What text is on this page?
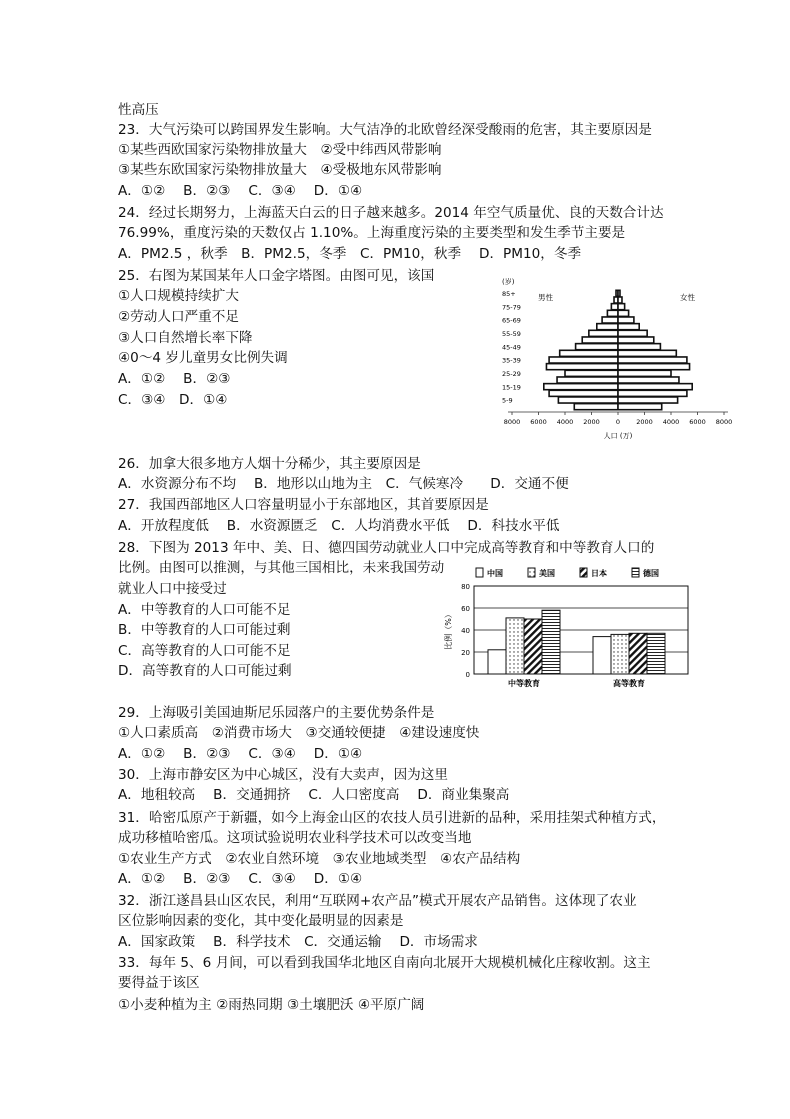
性高压
23．大气污染可以跨国界发生影响。大气洁净的北欧曾经深受酸雨的危害，其主要原因是
①某些西欧国家污染物排放量大　②受中纬西风带影响
③某些东欧国家污染物排放量大　④受极地东风带影响
A．①②　 B．②③　 C．③④　 D．①④
24．经过长期努力，上海蓝天白云的日子越来越多。2014 年空气质量优、良的天数合计达
76.99%，重度污染的天数仅占 1.10%。上海重度污染的主要类型和发生季节主要是
A．PM2.5 ，秋季　B．PM2.5，冬季　C．PM10，秋季　 D．PM10，冬季
25．右图为某国某年人口金字塔图。由图可见，该国
①人口规模持续扩大
②劳动人口严重不足
③人口自然增长率下降
④0～4 岁儿童男女比例失调
A．①②　 B．②③
C．③④　D．①④
26．加拿大很多地方人烟十分稀少，其主要原因是
A．水资源分布不均　 B．地形以山地为主　C．气候寒冷　　D．交通不便
27．我国西部地区人口容量明显小于东部地区，其首要原因是
A．开放程度低　 B．水资源匮乏　C．人均消费水平低　 D．科技水平低
28．下图为 2013 年中、美、日、德四国劳动就业人口中完成高等教育和中等教育人口的
比例。由图可以推测，与其他三国相比，未来我国劳动
就业人口中接受过
A．中等教育的人口可能不足
B．中等教育的人口可能过剩
C．高等教育的人口可能不足
D．高等教育的人口可能过剩
29．上海吸引美国迪斯尼乐园落户的主要优势条件是
①人口素质高　②消费市场大　③交通较便捷　④建设速度快
A．①②　 B．②③　 C．③④　 D．①④
30．上海市静安区为中心城区，没有大卖声，因为这里
A．地租较高　 B．交通拥挤　 C．人口密度高　 D．商业集聚高
31．哈密瓜原产于新疆，如今上海金山区的农技人员引进新的品种，采用挂架式种植方式，
成功移植哈密瓜。这项试验说明农业科学技术可以改变当地
①农业生产方式　②农业自然环境　③农业地域类型　④农产品结构
A．①②　 B．②③　 C．③④　 D．①④
32．浙江遂昌县山区农民，利用“互联网+农产品”模式开展农产品销售。这体现了农业
区位影响因素的变化，其中变化最明显的因素是
A．国家政策　 B．科学技术　C．交通运输　 D．市场需求
33．每年 5、6 月间，可以看到我国华北地区自南向北展开大规模机械化庄稼收割。这主
要得益于该区
①小麦种植为主 ②雨热同期 ③土壤肥沃 ④平原广阔
(岁)
男性	女性
85+
75-79
65-69
55-59
45-49
35-39
25-29
15-19
5-9
8000 6000 4000 2000 0 2000 4000 6000 8000
人口 (万)
中国	美国	日本	德国
0
20
40
60
80
比例（%）
中等教育	高等教育
